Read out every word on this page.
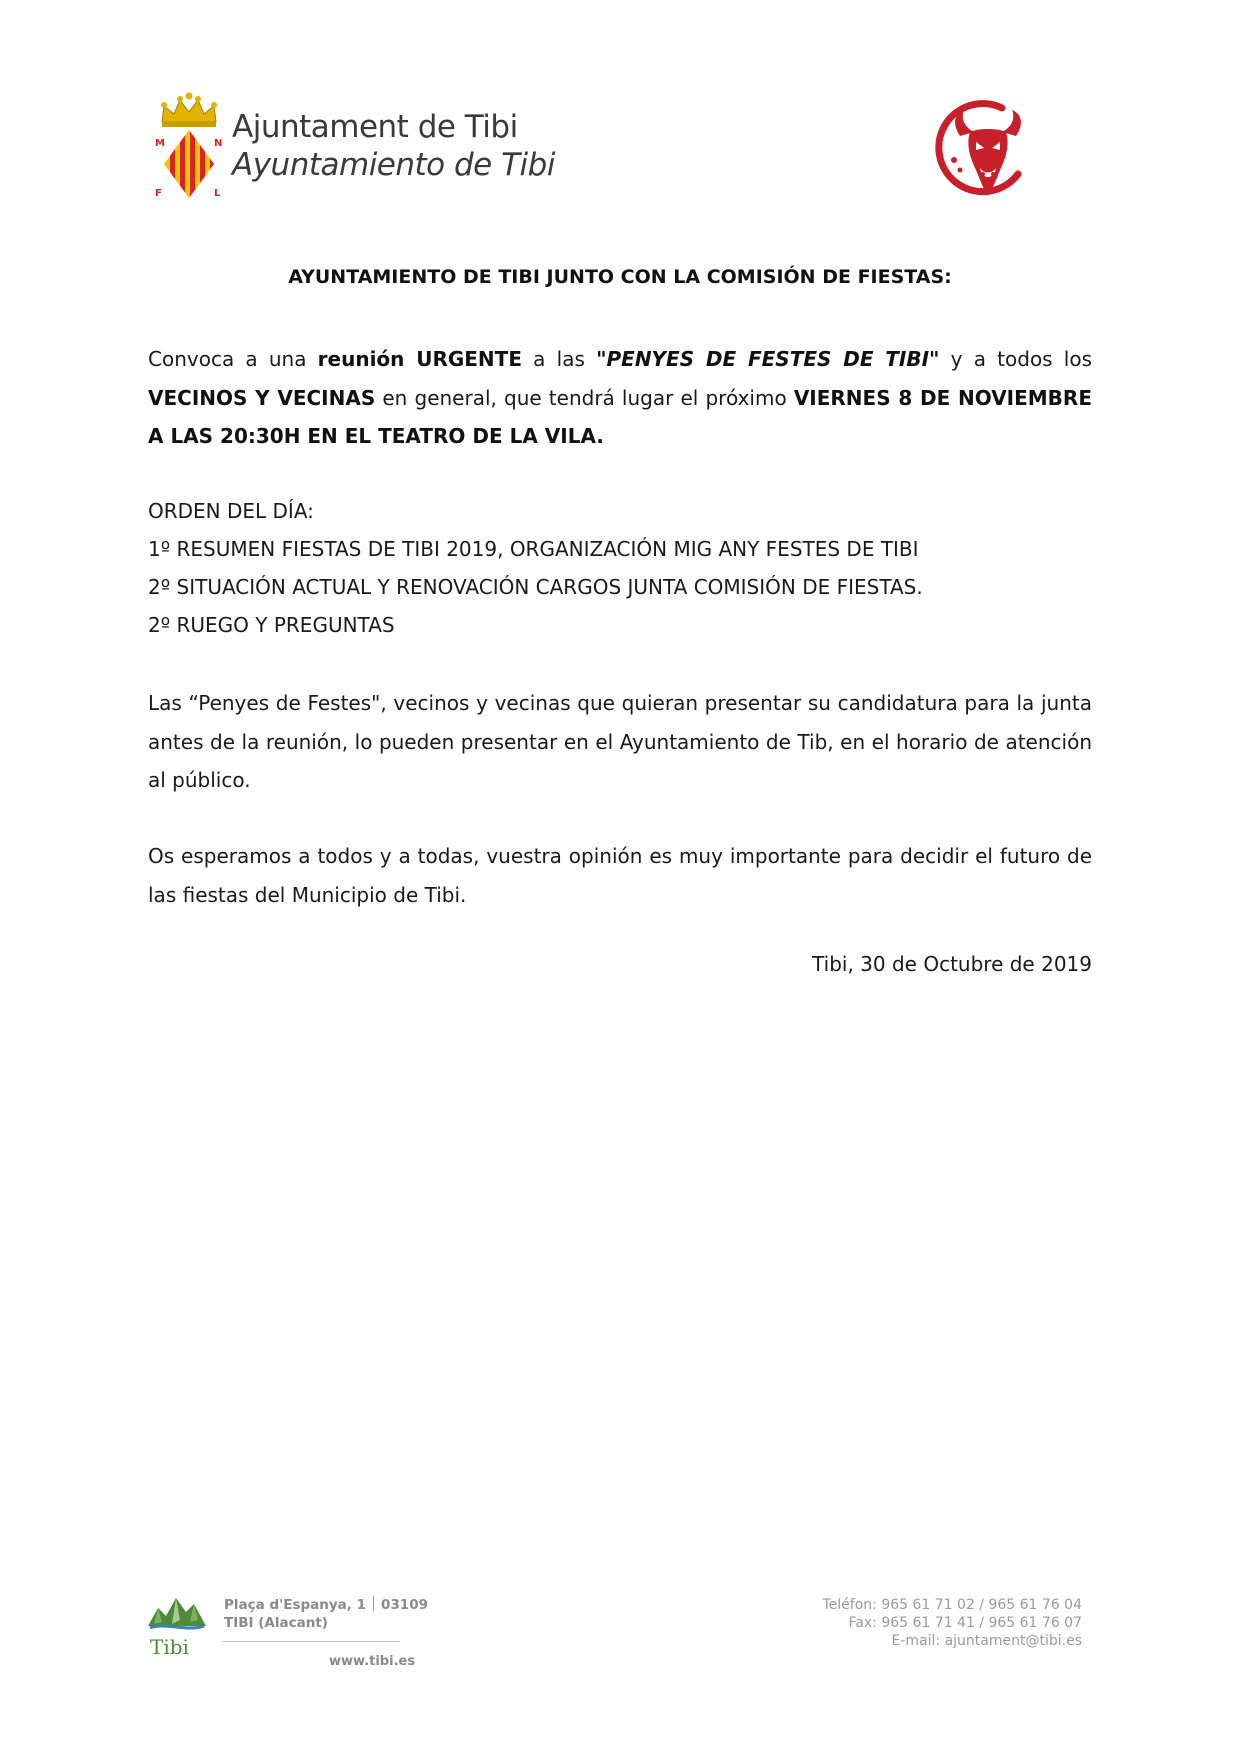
M	N
F	L
Ajuntament de Tibi
Ayuntamiento de Tibi
AYUNTAMIENTO DE TIBI JUNTO CON LA COMISIÓN DE FIESTAS:
Convoca a una reunión URGENTE a las "PENYES DE FESTES DE TIBI" y a todos los VECINOS Y VECINAS en general, que tendrá lugar el próximo VIERNES 8 DE NOVIEMBRE A LAS 20:30H EN EL TEATRO DE LA VILA.
ORDEN DEL DÍA:
1º RESUMEN FIESTAS DE TIBI 2019, ORGANIZACIÓN MIG ANY FESTES DE TIBI
2º SITUACIÓN ACTUAL Y RENOVACIÓN CARGOS JUNTA COMISIÓN DE FIESTAS.
2º RUEGO Y PREGUNTAS
Las “Penyes de Festes", vecinos y vecinas que quieran presentar su candidatura para la junta antes de la reunión, lo pueden presentar en el Ayuntamiento de Tib, en el horario de atención al público.
Os esperamos a todos y a todas, vuestra opinión es muy importante para decidir el futuro de las fiestas del Municipio de Tibi.
Tibi, 30 de Octubre de 2019
Tibi
Plaça d'Espanya, 1 03109
TIBI (Alacant)
www.tibi.es
Teléfon: 965 61 71 02 / 965 61 76 04
Fax: 965 61 71 41 / 965 61 76 07
E-mail: ajuntament@tibi.es
